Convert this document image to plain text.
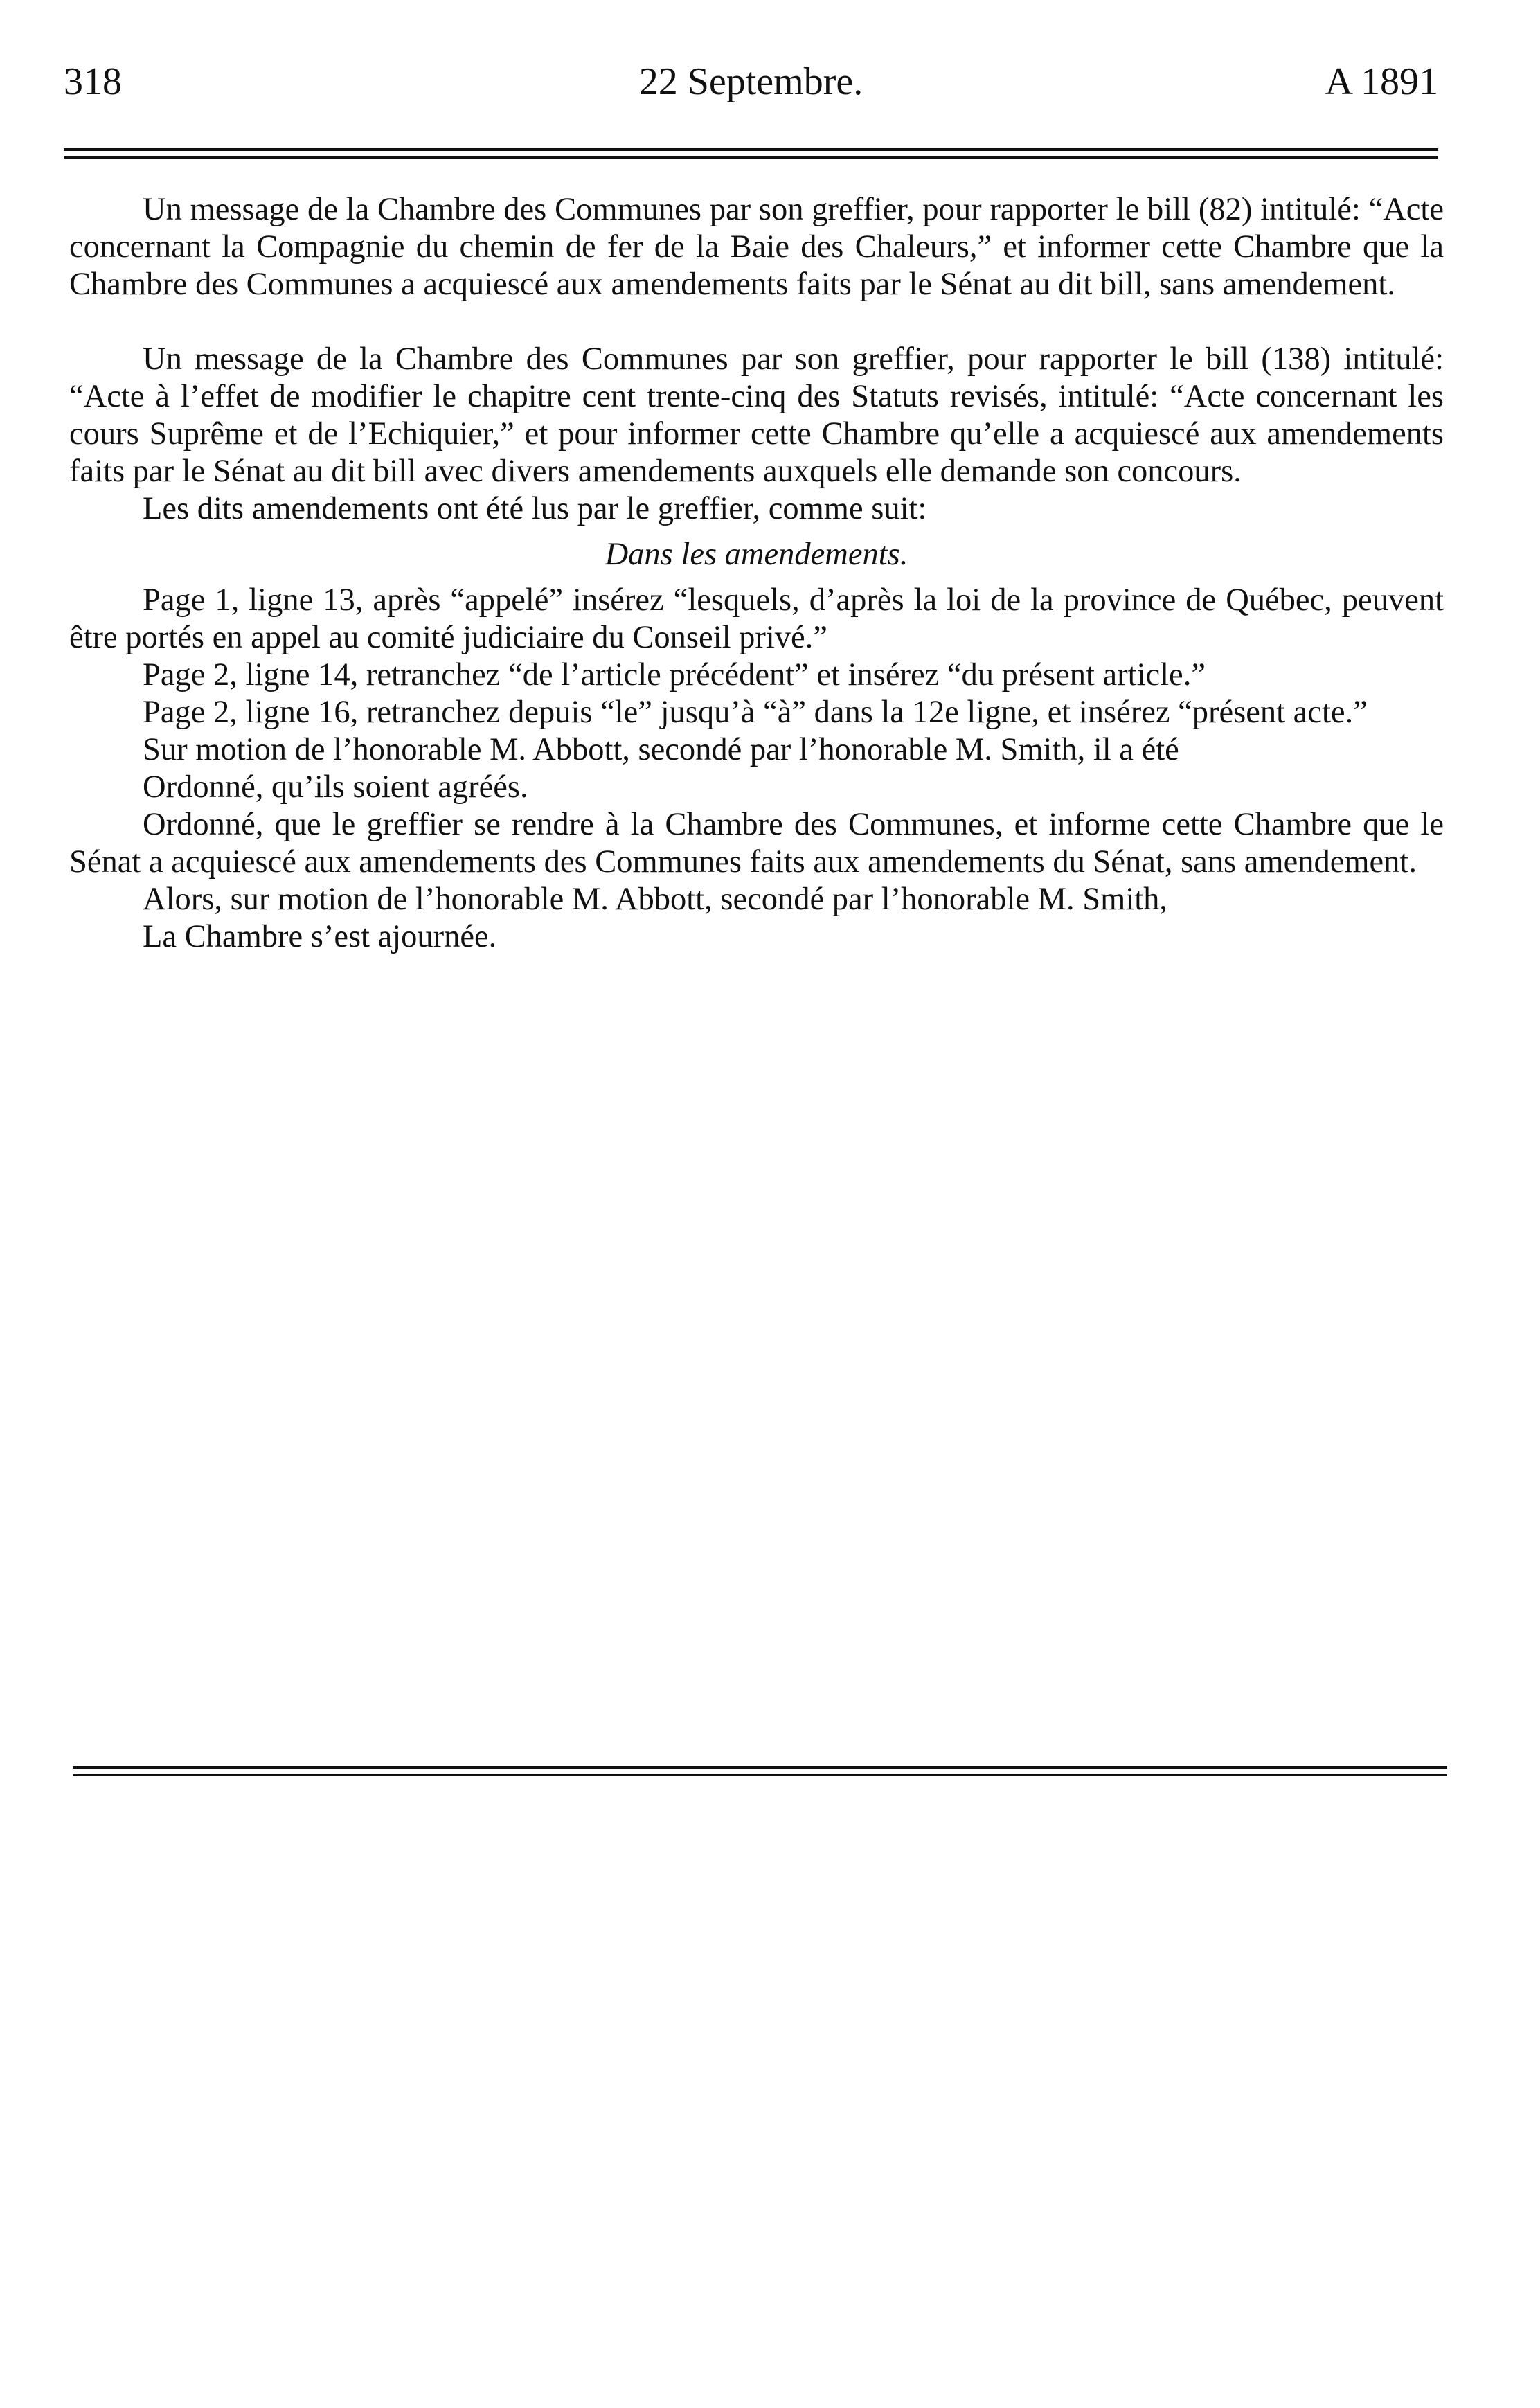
318	22 Septembre.	A 1891

Un message de la Chambre des Communes par son greffier, pour rapporter le bill (82) intitulé: “Acte concernant la Compagnie du chemin de fer de la Baie des Chaleurs,” et informer cette Chambre que la Chambre des Communes a acquiescé aux amendements faits par le Sénat au dit bill, sans amendement.

Un message de la Chambre des Communes par son greffier, pour rapporter le bill (138) intitulé: “Acte à l’effet de modifier le chapitre cent trente-cinq des Statuts revisés, intitulé: “Acte concernant les cours Suprême et de l’Echiquier,” et pour informer cette Chambre qu’elle a acquiescé aux amendements faits par le Sénat au dit bill avec divers amendements auxquels elle demande son concours.

Les dits amendements ont été lus par le greffier, comme suit:

Dans les amendements.

Page 1, ligne 13, après “appelé” insérez “lesquels, d’après la loi de la province de Québec, peuvent être portés en appel au comité judiciaire du Conseil privé.”

Page 2, ligne 14, retranchez “de l’article précédent” et insérez “du présent article.”

Page 2, ligne 16, retranchez depuis “le” jusqu’à “à” dans la 12e ligne, et insérez “présent acte.”

Sur motion de l’honorable M. Abbott, secondé par l’honorable M. Smith, il a été

Ordonné, qu’ils soient agréés.

Ordonné, que le greffier se rendre à la Chambre des Communes, et informe cette Chambre que le Sénat a acquiescé aux amendements des Communes faits aux amendements du Sénat, sans amendement.

Alors, sur motion de l’honorable M. Abbott, secondé par l’honorable M. Smith,

La Chambre s’est ajournée.
